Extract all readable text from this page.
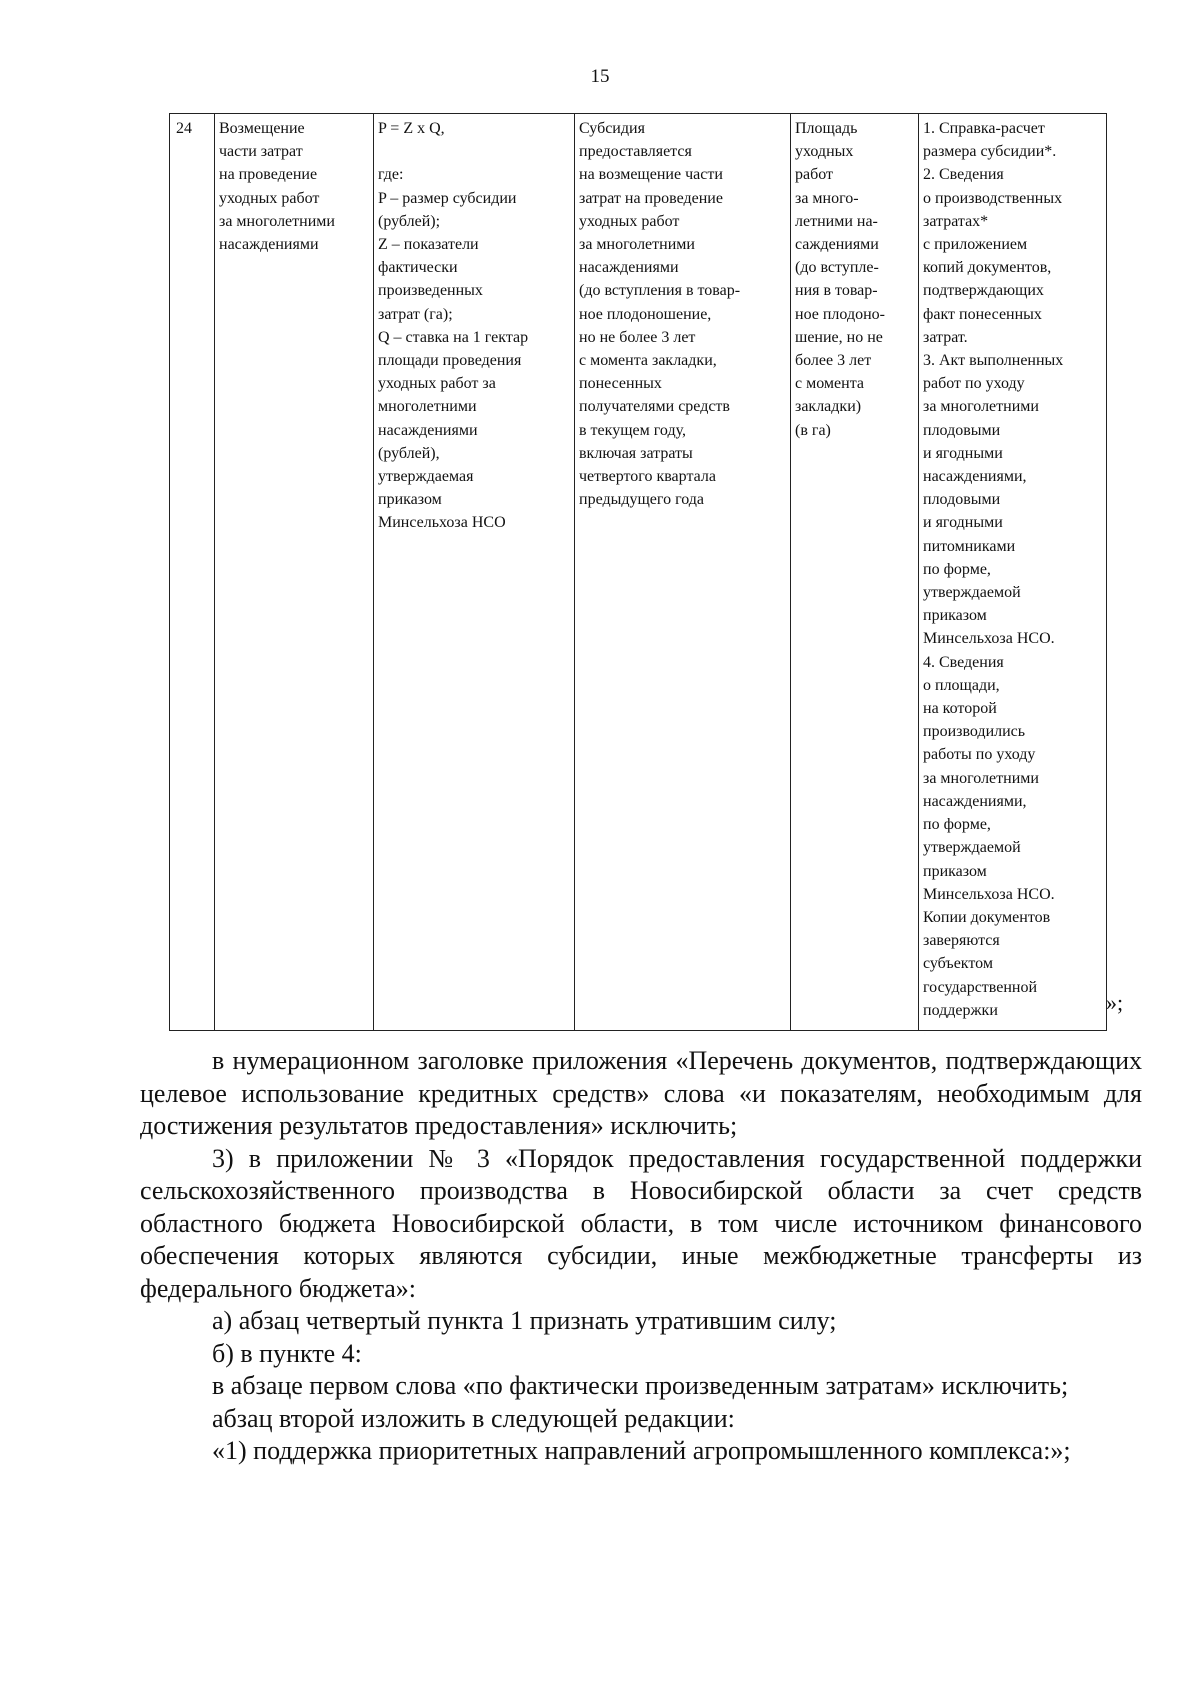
15
24	Возмещение
части затрат
на проведение
уходных работ
за многолетними
насаждениями	P = Z x Q,

где:
P – размер субсидии
(рублей);
Z – показатели
фактически
произведенных
затрат (га);
Q – ставка на 1 гектар
площади проведения
уходных работ за
многолетними
насаждениями
(рублей),
утверждаемая
приказом
Минсельхоза НСО	Субсидия
предоставляется
на возмещение части
затрат на проведение
уходных работ
за многолетними
насаждениями
(до вступления в товар-
ное плодоношение,
но не более 3 лет
с момента закладки,
понесенных
получателями средств
в текущем году,
включая затраты
четвертого квартала
предыдущего года	Площадь
уходных
работ
за много-
летними на-
саждениями
(до вступле-
ния в товар-
ное плодоно-
шение, но не
более 3 лет
с момента
закладки)
(в га)	1. Справка-расчет
размера субсидии*.
2. Сведения
о производственных
затратах*
с приложением
копий документов,
подтверждающих
факт понесенных
затрат.
3. Акт выполненных
работ по уходу
за многолетними
плодовыми
и ягодными
насаждениями,
плодовыми
и ягодными
питомниками
по форме,
утверждаемой
приказом
Минсельхоза НСО.
4. Сведения
о площади,
на которой
производились
работы по уходу
за многолетними
насаждениями,
по форме,
утверждаемой
приказом
Минсельхоза НСО.
Копии документов
заверяются
субъектом
государственной
поддержки	»;

в нумерационном заголовке приложения «Перечень документов, подтверждающих целевое использование кредитных средств» слова «и показателям, необходимым для достижения результатов предоставления» исключить;

3) в приложении № 3 «Порядок предоставления государственной поддержки сельскохозяйственного производства в Новосибирской области за счет средств областного бюджета Новосибирской области, в том числе источником финансового обеспечения которых являются субсидии, иные межбюджетные трансферты из федерального бюджета»:

а) абзац четвертый пункта 1 признать утратившим силу;

б) в пункте 4:

в абзаце первом слова «по фактически произведенным затратам» исключить;

абзац второй изложить в следующей редакции:

«1) поддержка приоритетных направлений агропромышленного комплекса:»;
